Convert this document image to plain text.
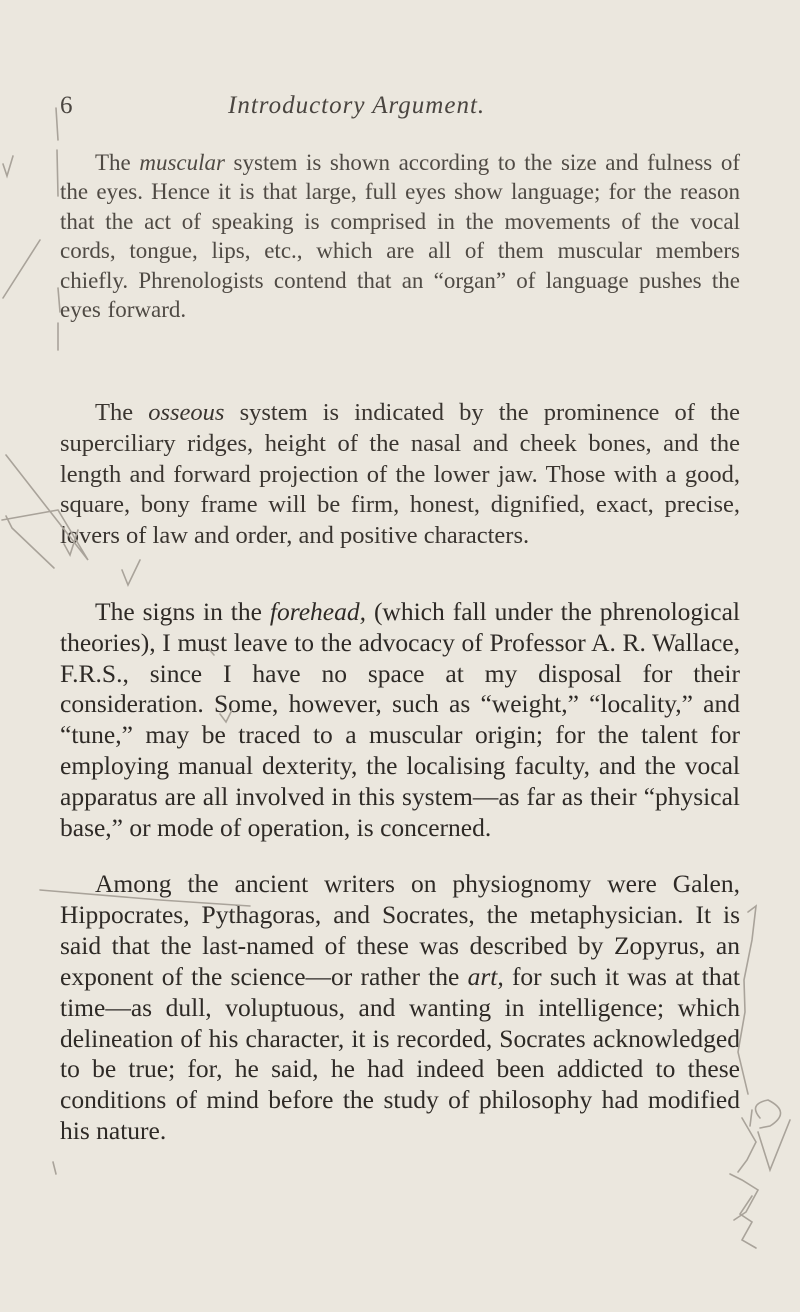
6	Introductory Argument.

The muscular system is shown according to the size and fulness of the eyes. Hence it is that large, full eyes show language; for the reason that the act of speaking is comprised in the movements of the vocal cords, tongue, lips, etc., which are all of them muscular members chiefly. Phrenologists contend that an “organ” of language pushes the eyes forward.

The osseous system is indicated by the prominence of the superciliary ridges, height of the nasal and cheek bones, and the length and forward projection of the lower jaw. Those with a good, square, bony frame will be firm, honest, dignified, exact, precise, lovers of law and order, and positive characters.

The signs in the forehead, (which fall under the phrenological theories), I must leave to the advocacy of Professor A. R. Wallace, F.R.S., since I have no space at my disposal for their consideration. Some, however, such as “weight,” “locality,” and “tune,” may be traced to a muscular origin; for the talent for employing manual dexterity, the localising faculty, and the vocal apparatus are all involved in this system—as far as their “physical base,” or mode of operation, is concerned.

Among the ancient writers on physiognomy were Galen, Hippocrates, Pythagoras, and Socrates, the metaphysician. It is said that the last-named of these was described by Zopyrus, an exponent of the science—or rather the art, for such it was at that time—as dull, voluptuous, and wanting in intelligence; which delineation of his character, it is recorded, Socrates acknowledged to be true; for, he said, he had indeed been addicted to these conditions of mind before the study of philosophy had modified his nature.
